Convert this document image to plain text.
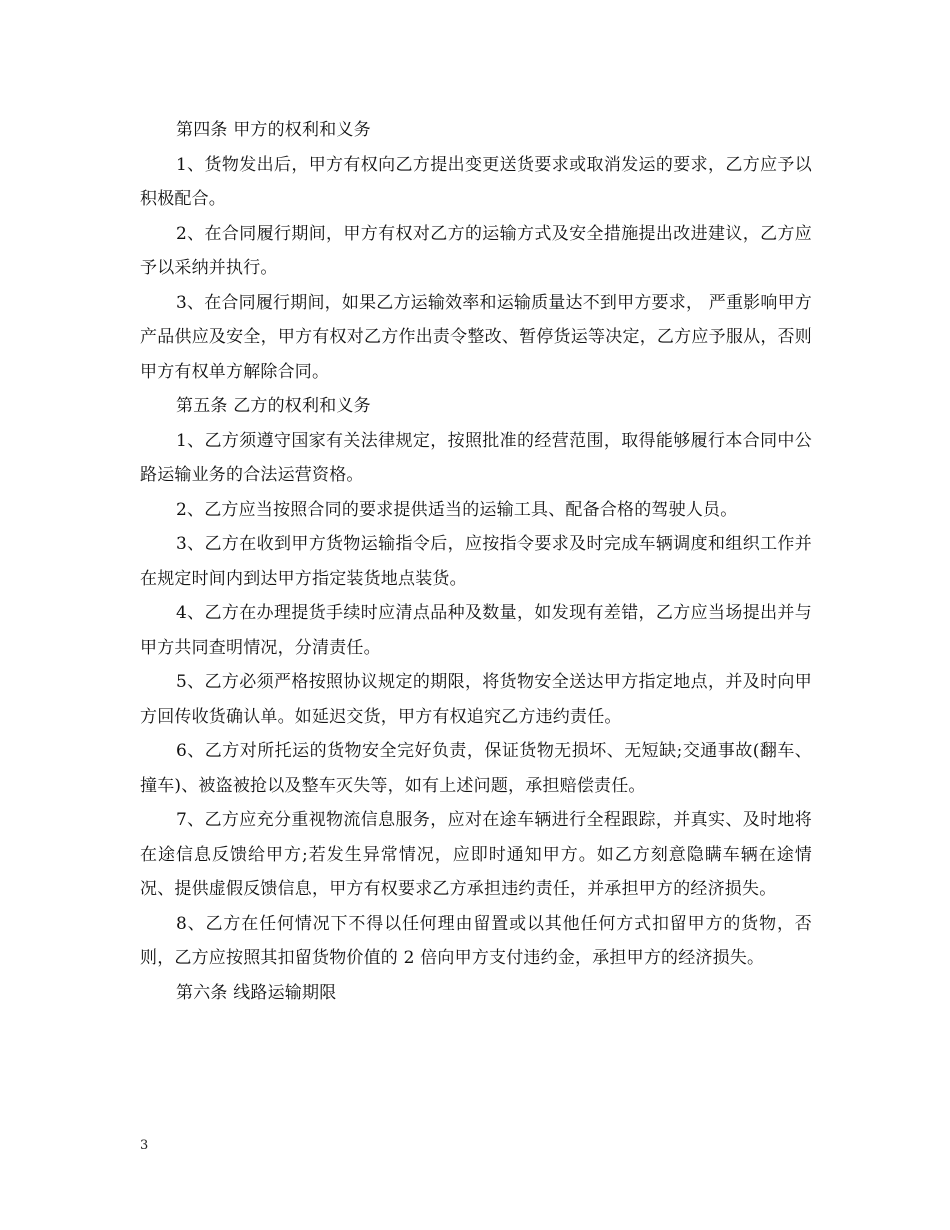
第四条 甲方的权利和义务

1、货物发出后，甲方有权向乙方提出变更送货要求或取消发运的要求，乙方应予以积极配合。

2、在合同履行期间，甲方有权对乙方的运输方式及安全措施提出改进建议，乙方应予以采纳并执行。

3、在合同履行期间，如果乙方运输效率和运输质量达不到甲方要求， 严重影响甲方产品供应及安全，甲方有权对乙方作出责令整改、暂停货运等决定，乙方应予服从，否则甲方有权单方解除合同。

第五条 乙方的权利和义务

1、乙方须遵守国家有关法律规定，按照批准的经营范围，取得能够履行本合同中公路运输业务的合法运营资格。

2、乙方应当按照合同的要求提供适当的运输工具、配备合格的驾驶人员。

3、乙方在收到甲方货物运输指令后，应按指令要求及时完成车辆调度和组织工作并在规定时间内到达甲方指定装货地点装货。

4、乙方在办理提货手续时应清点品种及数量，如发现有差错，乙方应当场提出并与甲方共同查明情况，分清责任。

5、乙方必须严格按照协议规定的期限，将货物安全送达甲方指定地点，并及时向甲方回传收货确认单。如延迟交货，甲方有权追究乙方违约责任。

6、乙方对所托运的货物安全完好负责，保证货物无损坏、无短缺;交通事故(翻车、撞车)、被盗被抢以及整车灭失等，如有上述问题，承担赔偿责任。

7、乙方应充分重视物流信息服务，应对在途车辆进行全程跟踪，并真实、及时地将在途信息反馈给甲方;若发生异常情况，应即时通知甲方。如乙方刻意隐瞒车辆在途情况、提供虚假反馈信息，甲方有权要求乙方承担违约责任，并承担甲方的经济损失。

8、乙方在任何情况下不得以任何理由留置或以其他任何方式扣留甲方的货物，否则，乙方应按照其扣留货物价值的 2 倍向甲方支付违约金，承担甲方的经济损失。

第六条 线路运输期限

3
